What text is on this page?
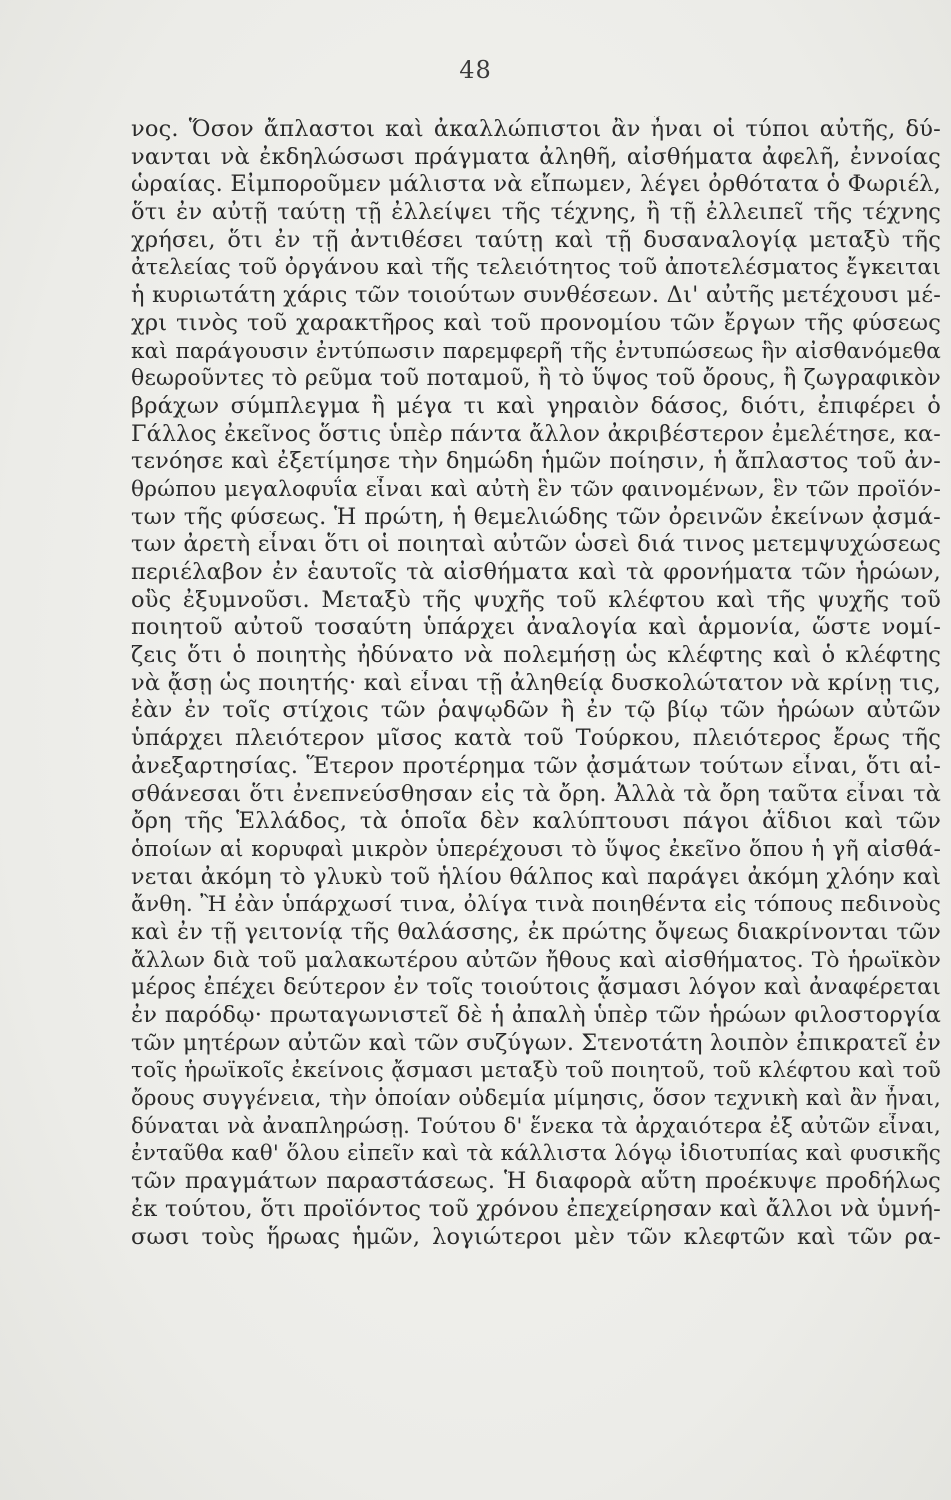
48
νος. Ὅσον ἄπλαστοι καὶ ἀκαλλώπιστοι ἂν ἦναι οἱ τύποι αὐτῆς, δύ-
νανται νὰ ἐκδηλώσωσι πράγματα ἀληθῆ, αἰσθήματα ἀφελῆ, ἐννοίας
ὡραίας. Εἰμποροῦμεν μάλιστα νὰ εἴπωμεν, λέγει ὀρθότατα ὁ Φωριέλ,
ὅτι ἐν αὐτῇ ταύτῃ τῇ ἐλλείψει τῆς τέχνης, ἢ τῇ ἐλλειπεῖ τῆς τέχνης
χρήσει, ὅτι ἐν τῇ ἀντιθέσει ταύτῃ καὶ τῇ δυσαναλογίᾳ μεταξὺ τῆς
ἀτελείας τοῦ ὀργάνου καὶ τῆς τελειότητος τοῦ ἀποτελέσματος ἔγκειται
ἡ κυριωτάτη χάρις τῶν τοιούτων συνθέσεων. Δι' αὐτῆς μετέχουσι μέ-
χρι τινὸς τοῦ χαρακτῆρος καὶ τοῦ προνομίου τῶν ἔργων τῆς φύσεως
καὶ παράγουσιν ἐντύπωσιν παρεμφερῆ τῆς ἐντυπώσεως ἣν αἰσθανόμεθα
θεωροῦντες τὸ ρεῦμα τοῦ ποταμοῦ, ἢ τὸ ὕψος τοῦ ὄρους, ἢ ζωγραφικὸν
βράχων σύμπλεγμα ἢ μέγα τι καὶ γηραιὸν δάσος, διότι, ἐπιφέρει ὁ
Γάλλος ἐκεῖνος ὅστις ὑπὲρ πάντα ἄλλον ἀκριβέστερον ἐμελέτησε, κα-
τενόησε καὶ ἐξετίμησε τὴν δημώδη ἡμῶν ποίησιν, ἡ ἄπλαστος τοῦ ἀν-
θρώπου μεγαλοφυΐα εἶναι καὶ αὐτὴ ἓν τῶν φαινομένων, ἓν τῶν προϊόν-
των τῆς φύσεως. Ἡ πρώτη, ἡ θεμελιώδης τῶν ὀρεινῶν ἐκείνων ᾀσμά-
των ἀρετὴ εἶναι ὅτι οἱ ποιηταὶ αὐτῶν ὡσεὶ διά τινος μετεμψυχώσεως
περιέλαβον ἐν ἑαυτοῖς τὰ αἰσθήματα καὶ τὰ φρονήματα τῶν ἡρώων,
οὓς ἐξυμνοῦσι. Μεταξὺ τῆς ψυχῆς τοῦ κλέφτου καὶ τῆς ψυχῆς τοῦ
ποιητοῦ αὐτοῦ τοσαύτη ὑπάρχει ἀναλογία καὶ ἁρμονία, ὥστε νομί-
ζεις ὅτι ὁ ποιητὴς ἠδύνατο νὰ πολεμήσῃ ὡς κλέφτης καὶ ὁ κλέφτης
νὰ ᾄσῃ ὡς ποιητής· καὶ εἶναι τῇ ἀληθείᾳ δυσκολώτατον νὰ κρίνῃ τις,
ἐὰν ἐν τοῖς στίχοις τῶν ῥαψῳδῶν ἢ ἐν τῷ βίῳ τῶν ἡρώων αὐτῶν
ὑπάρχει πλειότερον μῖσος κατὰ τοῦ Τούρκου, πλειότερος ἔρως τῆς
ἀνεξαρτησίας. Ἕτερον προτέρημα τῶν ᾀσμάτων τούτων εἶναι, ὅτι αἰ-
σθάνεσαι ὅτι ἐνεπνεύσθησαν εἰς τὰ ὄρη. Ἀλλὰ τὰ ὄρη ταῦτα εἶναι τὰ
ὄρη τῆς Ἑλλάδος, τὰ ὁποῖα δὲν καλύπτουσι πάγοι ἀΐδιοι καὶ τῶν
ὁποίων αἱ κορυφαὶ μικρὸν ὑπερέχουσι τὸ ὕψος ἐκεῖνο ὅπου ἡ γῆ αἰσθά-
νεται ἀκόμη τὸ γλυκὺ τοῦ ἡλίου θάλπος καὶ παράγει ἀκόμη χλόην καὶ
ἄνθη. Ἢ ἐὰν ὑπάρχωσί τινα, ὀλίγα τινὰ ποιηθέντα εἰς τόπους πεδινοὺς
καὶ ἐν τῇ γειτονίᾳ τῆς θαλάσσης, ἐκ πρώτης ὄψεως διακρίνονται τῶν
ἄλλων διὰ τοῦ μαλακωτέρου αὐτῶν ἤθους καὶ αἰσθήματος. Τὸ ἡρωϊκὸν
μέρος ἐπέχει δεύτερον ἐν τοῖς τοιούτοις ᾄσμασι λόγον καὶ ἀναφέρεται
ἐν παρόδῳ· πρωταγωνιστεῖ δὲ ἡ ἀπαλὴ ὑπὲρ τῶν ἡρώων φιλοστοργία
τῶν μητέρων αὐτῶν καὶ τῶν συζύγων. Στενοτάτη λοιπὸν ἐπικρατεῖ ἐν
τοῖς ἡρωϊκοῖς ἐκείνοις ᾄσμασι μεταξὺ τοῦ ποιητοῦ, τοῦ κλέφτου καὶ τοῦ
ὄρους συγγένεια, τὴν ὁποίαν οὐδεμία μίμησις, ὅσον τεχνικὴ καὶ ἂν ἦναι,
δύναται νὰ ἀναπληρώσῃ. Τούτου δ' ἕνεκα τὰ ἀρχαιότερα ἐξ αὐτῶν εἶναι,
ἐνταῦθα καθ' ὅλου εἰπεῖν καὶ τὰ κάλλιστα λόγῳ ἰδιοτυπίας καὶ φυσικῆς
τῶν πραγμάτων παραστάσεως. Ἡ διαφορὰ αὕτη προέκυψε προδήλως
ἐκ τούτου, ὅτι προϊόντος τοῦ χρόνου ἐπεχείρησαν καὶ ἄλλοι νὰ ὑμνή-
σωσι τοὺς ἥρωας ἡμῶν, λογιώτεροι μὲν τῶν κλεφτῶν καὶ τῶν ρα-
